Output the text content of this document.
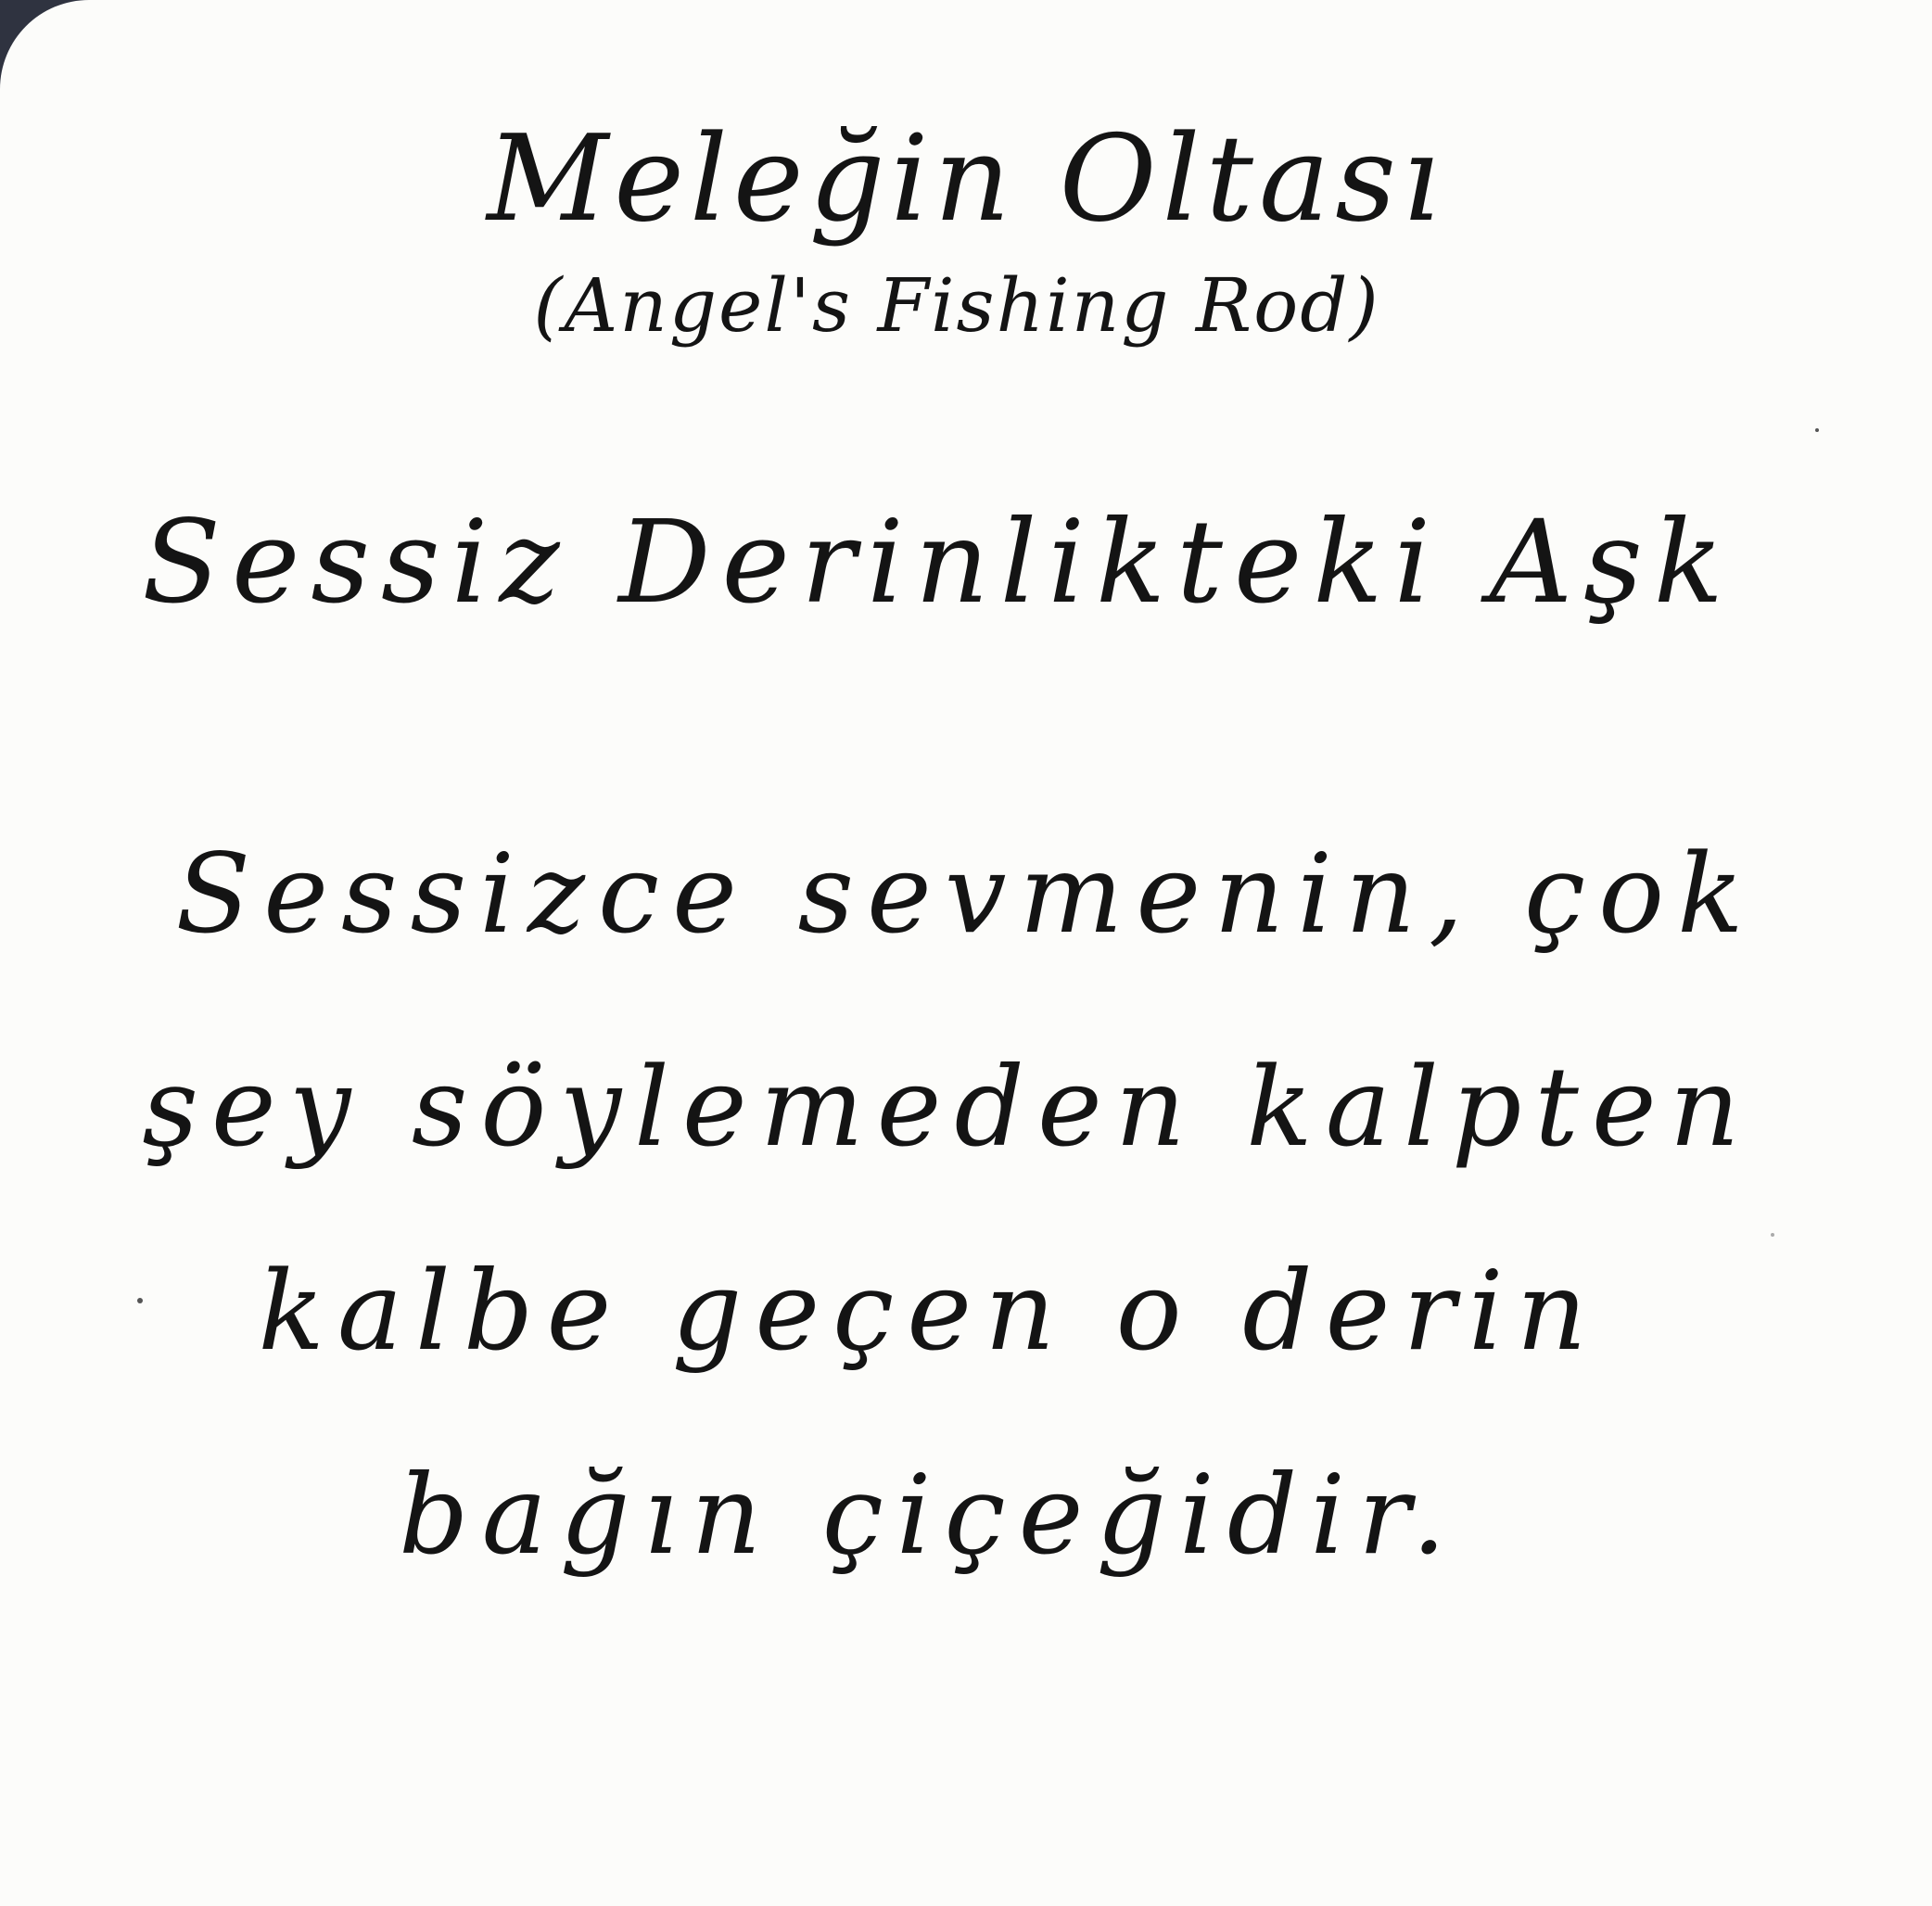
Meleğin Oltası
(Angel's Fishing Rod)
Sessiz Derinlikteki Aşk
Sessizce sevmenin, çok
şey söylemeden kalpten
kalbe geçen o derin
bağın çiçeğidir.
